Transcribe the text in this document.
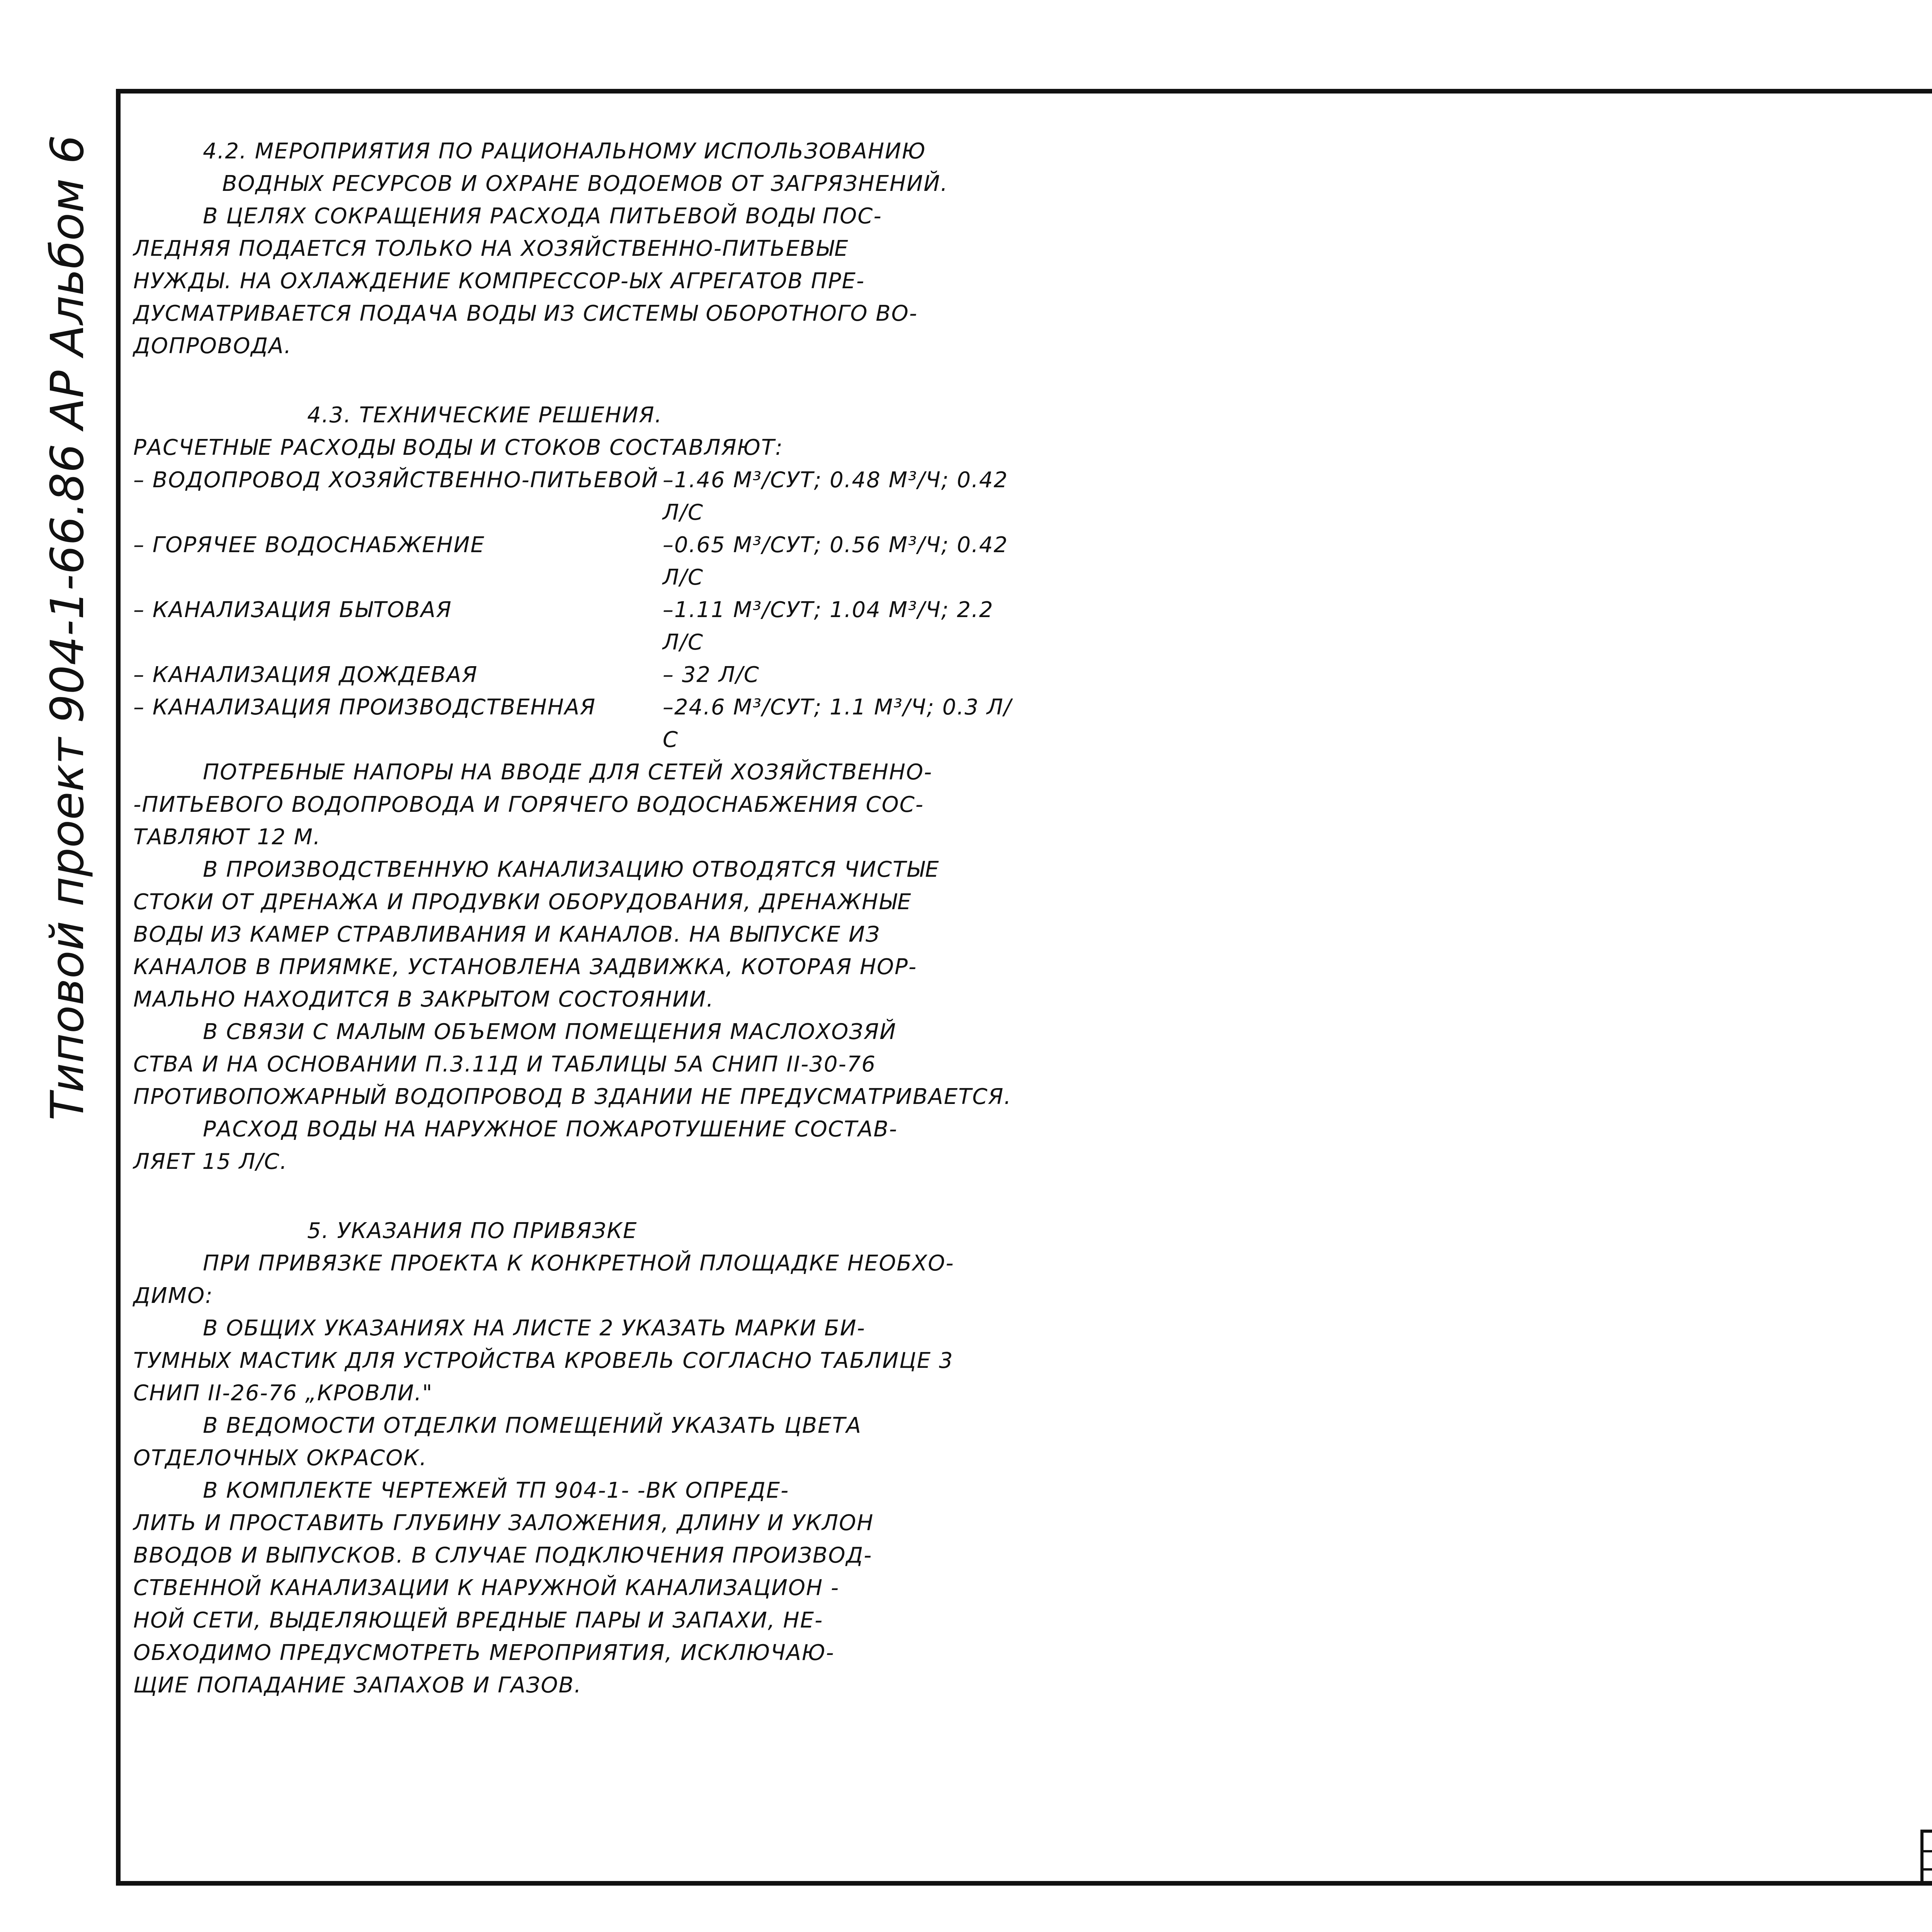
Типовой проект 904-1-66.86 АР Альбом 6	4.2. МЕРОПРИЯТИЯ ПО РАЦИОНАЛЬНОМУ ИСПОЛЬЗОВАНИЮ

ВОДНЫХ РЕСУРСОВ И ОХРАНЕ ВОДОЕМОВ ОТ ЗАГРЯЗНЕНИЙ.

В ЦЕЛЯХ СОКРАЩЕНИЯ РАСХОДА ПИТЬЕВОЙ ВОДЫ ПОС-

ЛЕДНЯЯ ПОДАЕТСЯ ТОЛЬКО НА ХОЗЯЙСТВЕННО-ПИТЬЕВЫЕ

НУЖДЫ. НА ОХЛАЖДЕНИЕ КОМПРЕССОР-ЫХ АГРЕГАТОВ ПРЕ-

ДУСМАТРИВАЕТСЯ ПОДАЧА ВОДЫ ИЗ СИСТЕМЫ ОБОРОТНОГО ВО-

ДОПРОВОДА.

4.3. ТЕХНИЧЕСКИЕ РЕШЕНИЯ.

РАСЧЕТНЫЕ РАСХОДЫ ВОДЫ И СТОКОВ СОСТАВЛЯЮТ:

– ВОДОПРОВОД ХОЗЯЙСТВЕННО-ПИТЬЕВОЙ –1.46 М³/СУТ; 0.48 М³/Ч; 0.42 Л/С
– ГОРЯЧЕЕ ВОДОСНАБЖЕНИЕ	–0.65 М³/СУТ; 0.56 М³/Ч; 0.42 Л/С
– КАНАЛИЗАЦИЯ БЫТОВАЯ	–1.11 М³/СУТ; 1.04 М³/Ч; 2.2 Л/С
– КАНАЛИЗАЦИЯ ДОЖДЕВАЯ	– 32 Л/С
– КАНАЛИЗАЦИЯ ПРОИЗВОДСТВЕННАЯ	–24.6 М³/СУТ; 1.1 М³/Ч; 0.3 Л/С

ПОТРЕБНЫЕ НАПОРЫ НА ВВОДЕ ДЛЯ СЕТЕЙ ХОЗЯЙСТВЕННО-

-ПИТЬЕВОГО ВОДОПРОВОДА И ГОРЯЧЕГО ВОДОСНАБЖЕНИЯ СОС-

ТАВЛЯЮТ 12 М.

В ПРОИЗВОДСТВЕННУЮ КАНАЛИЗАЦИЮ ОТВОДЯТСЯ ЧИСТЫЕ

СТОКИ ОТ ДРЕНАЖА И ПРОДУВКИ ОБОРУДОВАНИЯ, ДРЕНАЖНЫЕ

ВОДЫ ИЗ КАМЕР СТРАВЛИВАНИЯ И КАНАЛОВ. НА ВЫПУСКЕ ИЗ

КАНАЛОВ В ПРИЯМКЕ, УСТАНОВЛЕНА ЗАДВИЖКА, КОТОРАЯ НОР-

МАЛЬНО НАХОДИТСЯ В ЗАКРЫТОМ СОСТОЯНИИ.

В СВЯЗИ С МАЛЫМ ОБЪЕМОМ ПОМЕЩЕНИЯ МАСЛОХОЗЯЙ

СТВА И НА ОСНОВАНИИ П.3.11Д И ТАБЛИЦЫ 5А СНИП II-30-76

ПРОТИВОПОЖАРНЫЙ ВОДОПРОВОД В ЗДАНИИ НЕ ПРЕДУСМАТРИВАЕТСЯ.

РАСХОД ВОДЫ НА НАРУЖНОЕ ПОЖАРОТУШЕНИЕ СОСТАВ-

ЛЯЕТ 15 Л/С.

5. УКАЗАНИЯ ПО ПРИВЯЗКЕ

ПРИ ПРИВЯЗКЕ ПРОЕКТА К КОНКРЕТНОЙ ПЛОЩАДКЕ НЕОБХО-

ДИМО:

В ОБЩИХ УКАЗАНИЯХ НА ЛИСТЕ 2 УКАЗАТЬ МАРКИ БИ-

ТУМНЫХ МАСТИК ДЛЯ УСТРОЙСТВА КРОВЕЛЬ СОГЛАСНО ТАБЛИЦЕ 3

СНИП II-26-76 „КРОВЛИ."

В ВЕДОМОСТИ ОТДЕЛКИ ПОМЕЩЕНИЙ УКАЗАТЬ ЦВЕТА

ОТДЕЛОЧНЫХ ОКРАСОК.

В КОМПЛЕКТЕ ЧЕРТЕЖЕЙ ТП 904-1- -ВК ОПРЕДЕ-

ЛИТЬ И ПРОСТАВИТЬ ГЛУБИНУ ЗАЛОЖЕНИЯ, ДЛИНУ И УКЛОН

ВВОДОВ И ВЫПУСКОВ. В СЛУЧАЕ ПОДКЛЮЧЕНИЯ ПРОИЗВОД-

СТВЕННОЙ КАНАЛИЗАЦИИ К НАРУЖНОЙ КАНАЛИЗАЦИОН -

НОЙ СЕТИ, ВЫДЕЛЯЮЩЕЙ ВРЕДНЫЕ ПАРЫ И ЗАПАХИ, НЕ-

ОБХОДИМО ПРЕДУСМОТРЕТЬ МЕРОПРИЯТИЯ, ИСКЛЮЧАЮ-

ЩИЕ ПОПАДАНИЕ ЗАПАХОВ И ГАЗОВ.
